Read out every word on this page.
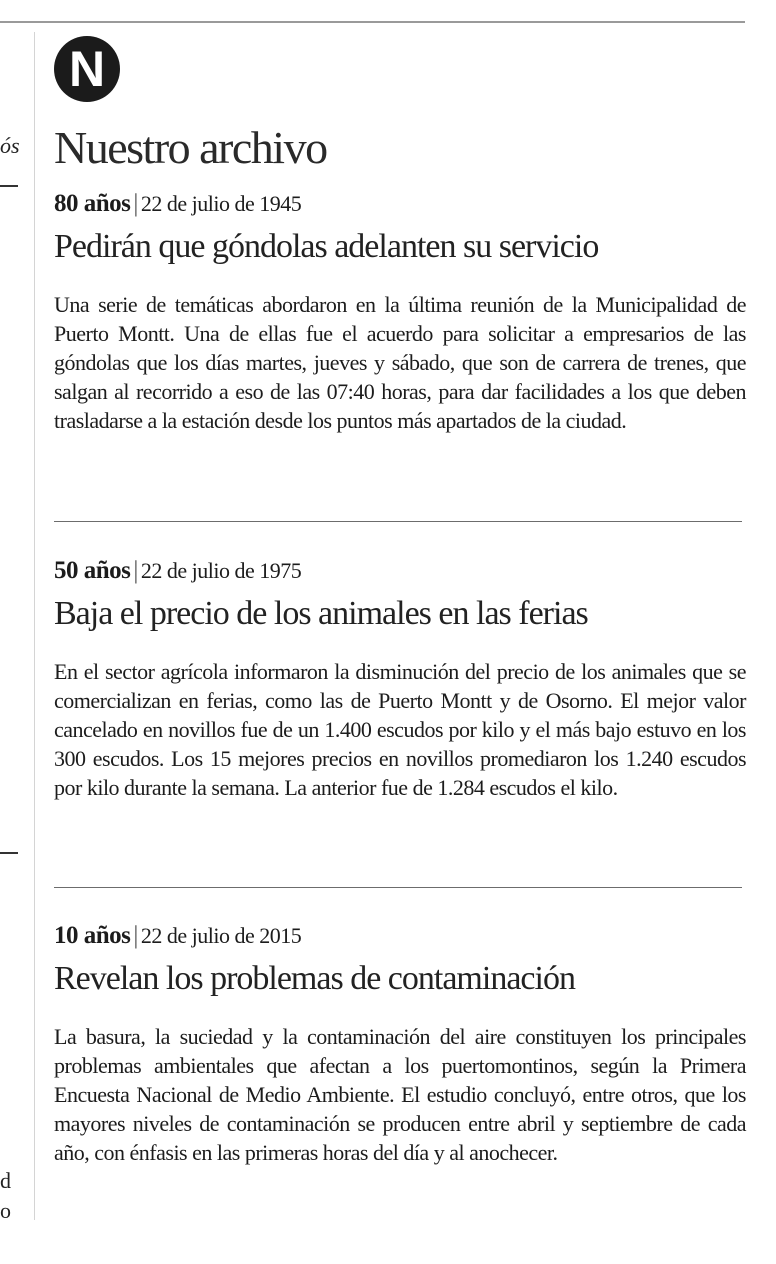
ós
d
o
N
Nuestro archivo

80 años | 22 de julio de 1945

Pedirán que góndolas adelanten su servicio

Una serie de temáticas abordaron en la última reunión de la Municipalidad de Puerto Montt. Una de ellas fue el acuerdo para solicitar a empresarios de las góndolas que los días martes, jueves y sábado, que son de carrera de trenes, que salgan al recorrido a eso de las 07:40 horas, para dar facilidades a los que deben trasladarse a la estación desde los puntos más apartados de la ciudad.

50 años | 22 de julio de 1975

Baja el precio de los animales en las ferias

En el sector agrícola informaron la disminución del precio de los animales que se comercializan en ferias, como las de Puerto Montt y de Osorno. El mejor valor cancelado en novillos fue de un 1.400 escudos por kilo y el más bajo estuvo en los 300 escudos. Los 15 mejores precios en novillos promediaron los 1.240 escudos por kilo durante la semana. La anterior fue de 1.284 escudos el kilo.

10 años | 22 de julio de 2015

Revelan los problemas de contaminación

La basura, la suciedad y la contaminación del aire constituyen los principales problemas ambientales que afectan a los puertomontinos, según la Primera Encuesta Nacional de Medio Ambiente. El estudio concluyó, entre otros, que los mayores niveles de contaminación se producen entre abril y septiembre de cada año, con énfasis en las primeras horas del día y al anochecer.
